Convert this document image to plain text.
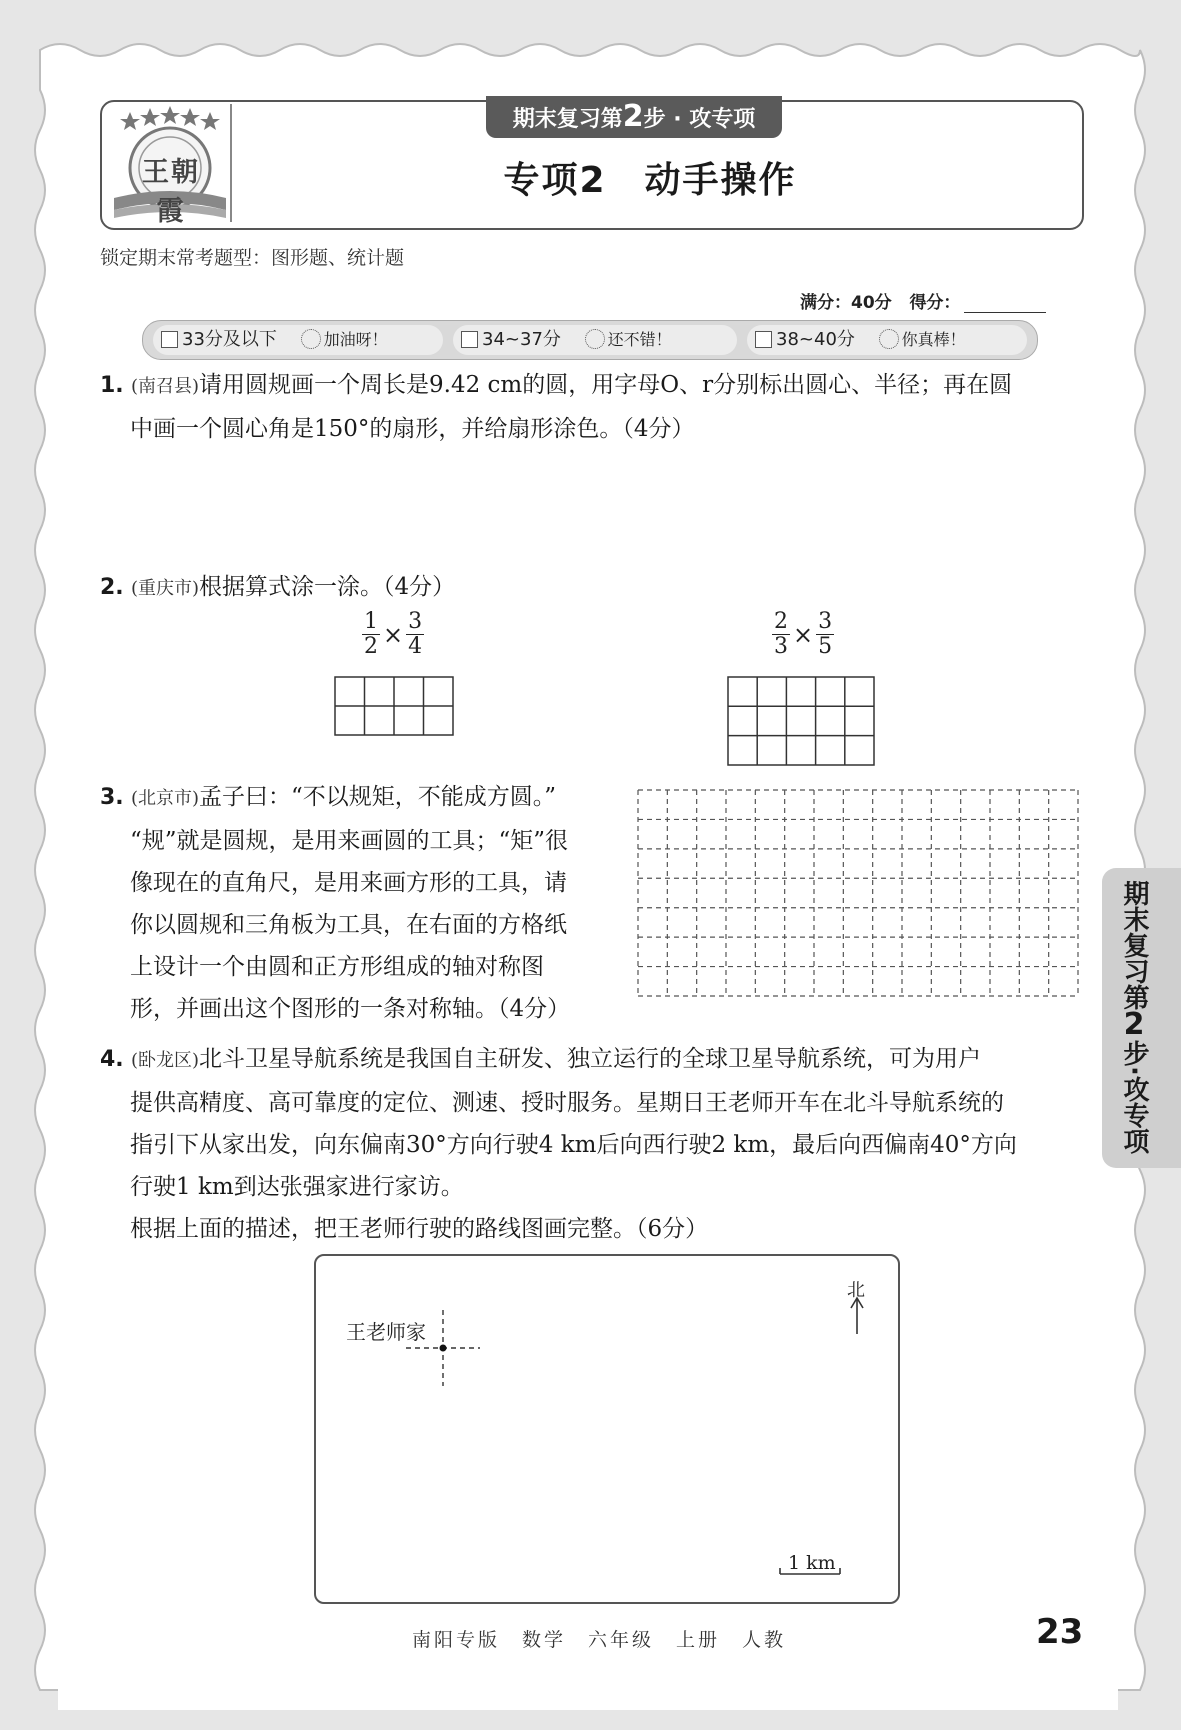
王朝霞
期末复习第2步 · 攻专项
专项2　动手操作
锁定期末常考题型：图形题、统计题
满分：40分 得分：
33分及以下	加油呀！	34~37分	还不错！	38~40分	你真棒！
1. (南召县)请用圆规画一个周长是9.42 cm的圆，用字母O、r分别标出圆心、半径；再在圆
中画一个圆心角是150°的扇形，并给扇形涂色。（4分）
2. (重庆市)根据算式涂一涂。（4分）
$\frac{1}{2} \times \frac{3}{4}$	$\frac{2}{3} \times \frac{3}{5}$
3. (北京市)孟子曰：“不以规矩，不能成方圆。”
“规”就是圆规，是用来画圆的工具；“矩”很
像现在的直角尺，是用来画方形的工具，请
你以圆规和三角板为工具，在右面的方格纸
上设计一个由圆和正方形组成的轴对称图
形，并画出这个图形的一条对称轴。（4分）
4. (卧龙区)北斗卫星导航系统是我国自主研发、独立运行的全球卫星导航系统，可为用户
提供高精度、高可靠度的定位、测速、授时服务。星期日王老师开车在北斗导航系统的
指引下从家出发，向东偏南30°方向行驶4 km后向西行驶2 km，最后向西偏南40°方向
行驶1 km到达张强家进行家访。
根据上面的描述，把王老师行驶的路线图画完整。（6分）
王老师家
北
1 km
期末复习第
2
步·攻专项
南阳专版　数学　六年级　上册　人教	23
